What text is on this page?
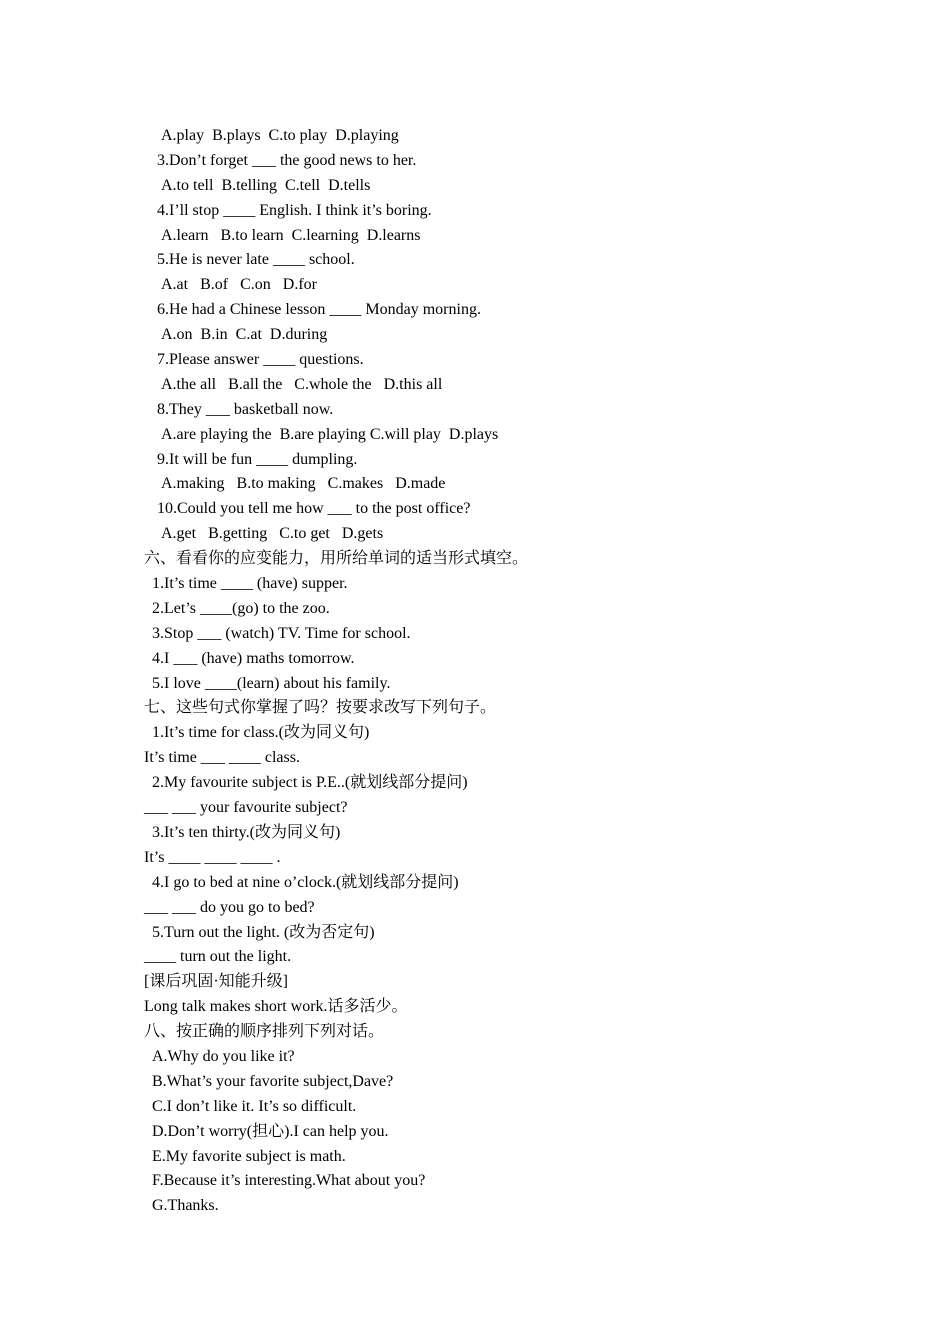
A.play  B.plays  C.to play  D.playing
3.Don’t forget ___ the good news to her.
A.to tell  B.telling  C.tell  D.tells
4.I’ll stop ____ English. I think it’s boring.
A.learn   B.to learn  C.learning  D.learns
5.He is never late ____ school.
A.at   B.of   C.on   D.for
6.He had a Chinese lesson ____ Monday morning.
A.on  B.in  C.at  D.during
7.Please answer ____ questions.
A.the all   B.all the   C.whole the   D.this all
8.They ___ basketball now.
A.are playing the  B.are playing C.will play  D.plays
9.It will be fun ____ dumpling.
A.making   B.to making   C.makes   D.made
10.Could you tell me how ___ to the post office?
A.get   B.getting   C.to get   D.gets
六、看看你的应变能力，用所给单词的适当形式填空。
1.It’s time ____ (have) supper.
2.Let’s ____(go) to the zoo.
3.Stop ___ (watch) TV. Time for school.
4.I ___ (have) maths tomorrow.
5.I love ____(learn) about his family.
七、这些句式你掌握了吗？按要求改写下列句子。
1.It’s time for class.(改为同义句)
It’s time ___ ____ class.
2.My favourite subject is P.E..(就划线部分提问)
___ ___ your favourite subject?
3.It’s ten thirty.(改为同义句)
It’s ____ ____ ____ .
4.I go to bed at nine o’clock.(就划线部分提问)
___ ___ do you go to bed?
5.Turn out the light. (改为否定句)
____ turn out the light.
[课后巩固·知能升级]
Long talk makes short work.话多活少。
八、按正确的顺序排列下列对话。
A.Why do you like it?
B.What’s your favorite subject,Dave?
C.I don’t like it. It’s so difficult.
D.Don’t worry(担心).I can help you.
E.My favorite subject is math.
F.Because it’s interesting.What about you?
G.Thanks.
